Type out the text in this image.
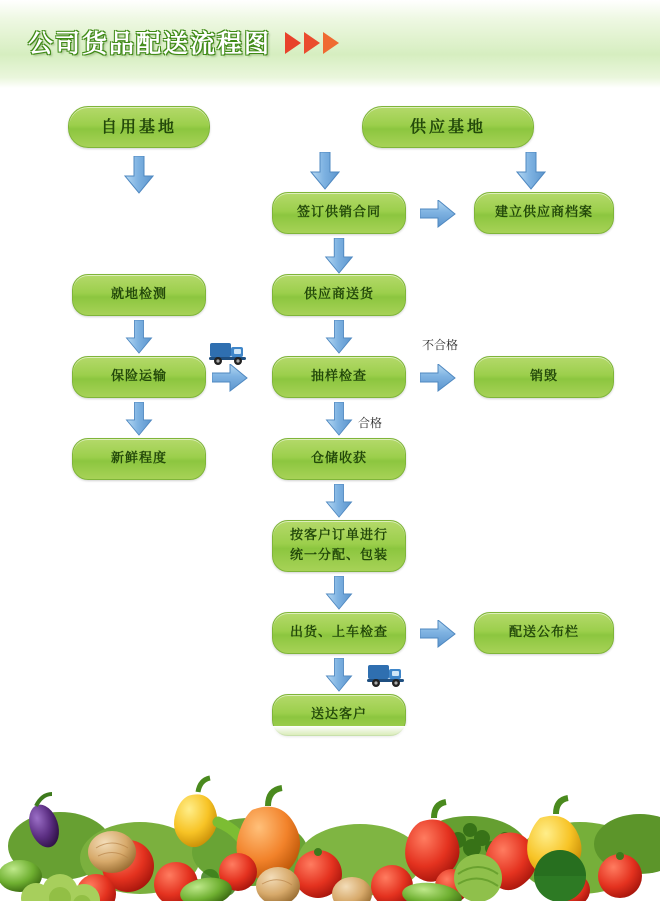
公司货品配送流程图
自用基地	供应基地
签订供销合同	建立供应商档案
就地检测	供应商送货
保险运输	抽样检查
不合格
销毁
合格
新鲜程度	仓储收获
按客户订单进行
统一分配、包装
出货、上车检查	配送公布栏
送达客户
